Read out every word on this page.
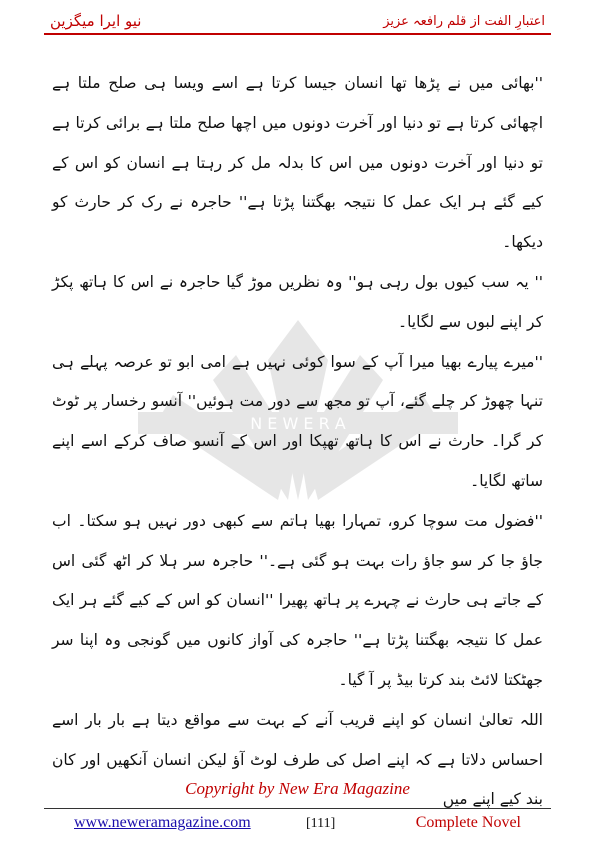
نیو ایرا میگزین	اعتبارِ الفت از قلم رافعہ عزیز
N E W E R A

''بھائی میں نے پڑھا تھا انسان جیسا کرتا ہے اسے ویسا ہی صلح ملتا ہے اچھائی کرتا ہے تو دنیا اور آخرت دونوں میں اچھا صلح ملتا ہے برائی کرتا ہے تو دنیا اور آخرت دونوں میں اس کا بدلہ مل کر رہتا ہے انسان کو اس کے کیے گئے ہر ایک عمل کا نتیجہ بھگتنا پڑتا ہے'' حاجرہ نے رک کر حارث کو دیکھا۔

'' یہ سب کیوں بول رہی ہو'' وہ نظریں موڑ گیا حاجرہ نے اس کا ہاتھ پکڑ کر اپنے لبوں سے لگایا۔

''میرے پیارے بھیا میرا آپ کے سوا کوئی نہیں ہے امی ابو تو عرصہ پہلے ہی تنہا چھوڑ کر چلے گئے، آپ تو مجھ سے دور مت ہوئیں'' آنسو رخسار پر ٹوٹ کر گرا۔ حارث نے اس کا ہاتھ تھپکا اور اس کے آنسو صاف کرکے اسے اپنے ساتھ لگایا۔

''فضول مت سوچا کرو، تمہارا بھیا ہاتم سے کبھی دور نہیں ہو سکتا۔ اب جاؤ جا کر سو جاؤ رات بہت ہو گئی ہے۔'' حاجرہ سر ہلا کر اٹھ گئی اس کے جاتے ہی حارث نے چہرے پر ہاتھ پھیرا ''انسان کو اس کے کیے گئے ہر ایک عمل کا نتیجہ بھگتنا پڑتا ہے'' حاجرہ کی آواز کانوں میں گونجی وہ اپنا سر جھٹکتا لائٹ بند کرتا بیڈ پر آ گیا۔

اللہ تعالیٰ انسان کو اپنے قریب آنے کے بہت سے مواقع دیتا ہے بار بار اسے احساس دلاتا ہے کہ اپنے اصل کی طرف لوٹ آؤ لیکن انسان آنکھیں اور کان بند کیے اپنے میں

Copyright by New Era Magazine
www.neweramagazine.com	[111]	Complete Novel
